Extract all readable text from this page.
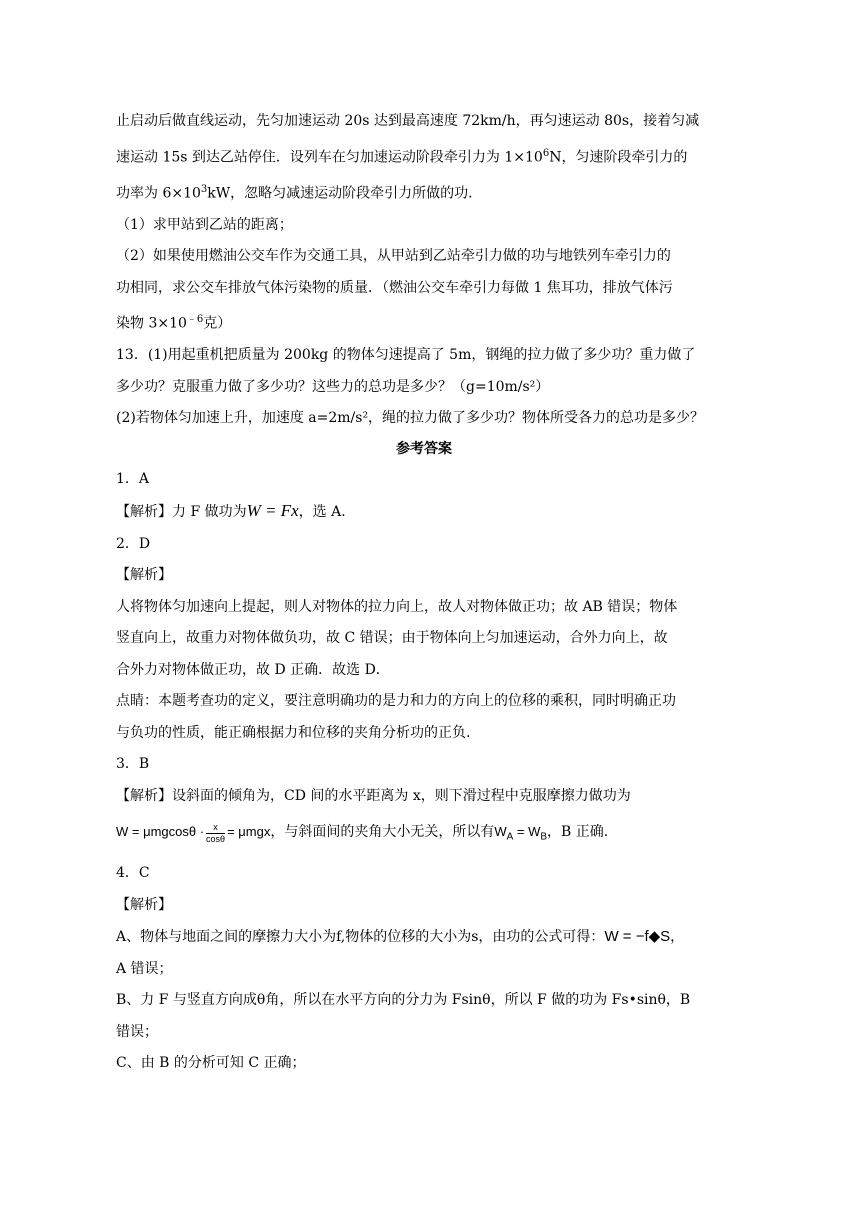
止启动后做直线运动，先匀加速运动 20s 达到最高速度 72km/h，再匀速运动 80s，接着匀减

速运动 15s 到达乙站停住．设列车在匀加速运动阶段牵引力为 $1\times 10^6N$，匀速阶段牵引力的

功率为 $6\times 10^3kW$，忽略匀减速运动阶段牵引力所做的功．

（1）求甲站到乙站的距离；

（2）如果使用燃油公交车作为交通工具，从甲站到乙站牵引力做的功与地铁列车牵引力的

功相同，求公交车排放气体污染物的质量．（燃油公交车牵引力每做 1 焦耳功，排放气体污

染物 $3\times 10^{﹣6}$克）

13．(1)用起重机把质量为 200kg 的物体匀速提高了 5m，钢绳的拉力做了多少功？重力做了

多少功？克服重力做了多少功？这些力的总功是多少？（g=10m/s²）

(2)若物体匀加速上升，加速度 a=2m/s²，绳的拉力做了多少功？物体所受各力的总功是多少？

参考答案

1．A

【解析】力 F 做功为W = Fx，选 A.

2．D

【解析】

人将物体匀加速向上提起，则人对物体的拉力向上，故人对物体做正功；故 AB 错误；物体

竖直向上，故重力对物体做负功，故 C 错误；由于物体向上匀加速运动，合外力向上，故

合外力对物体做正功，故 D 正确．故选 D．

点睛：本题考查功的定义，要注意明确功的是力和力的方向上的位移的乘积，同时明确正功

与负功的性质，能正确根据力和位移的夹角分析功的正负.

3．B

【解析】设斜面的倾角为，CD 间的水平距离为 x，则下滑过程中克服摩擦力做功为

$W = \mu mgcos\theta \cdot \frac{x}{\cos\theta} = \mu mgx$，与斜面间的夹角大小无关，所以有$W_A = W_B$，B 正确.

4．C

【解析】

A、物体与地面之间的摩擦力大小为f,物体的位移的大小为s，由功的公式可得：W = −f◆S，

A 错误；

B、力 F 与竖直方向成θ角，所以在水平方向的分力为 Fsinθ，所以 F 做的功为 Fs•sinθ，B

错误；

C、由 B 的分析可知 C 正确；
